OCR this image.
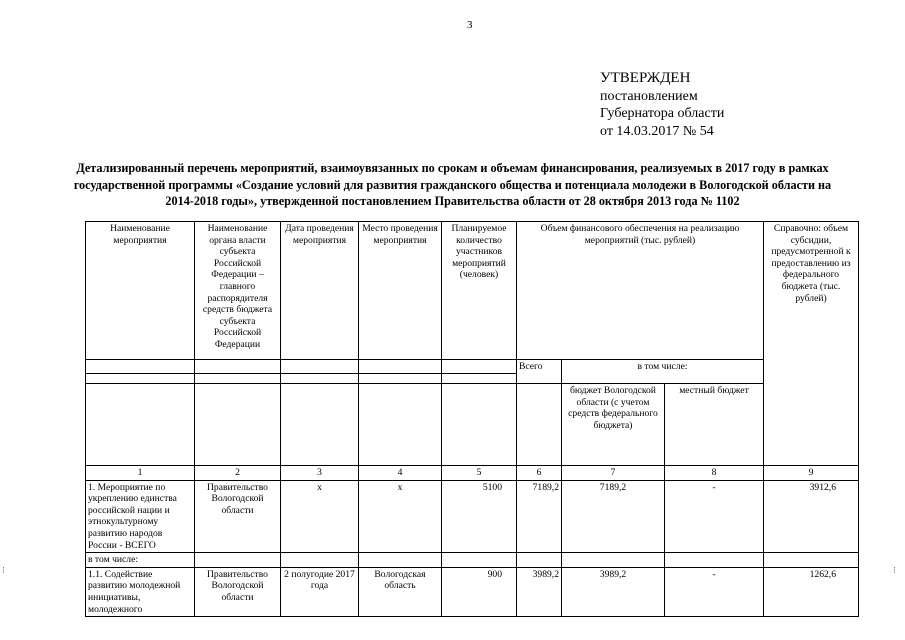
3
УТВЕРЖДЕН
постановлением
Губернатора области
от 14.03.2017 № 54
Детализированный перечень мероприятий, взаимоувязанных по срокам и объемам финансирования, реализуемых в 2017 году в рамках
государственной программы «Создание условий для развития гражданского общества и потенциала молодежи в Вологодской области на
2014-2018 годы», утвержденной постановлением Правительства области от 28 октября 2013 года № 1102
⁝	⁝
Наименование мероприятия	Наименование органа власти субъекта Российской Федерации – главного распорядителя средств бюджета субъекта Российской Федерации	Дата проведения мероприятия	Место проведения мероприятия	Планируемое количество участников мероприятий (человек)	Объем финансового обеспечения на реализацию мероприятий (тыс. рублей)			Справочно: объем субсидии, предусмотренной к предоставлению из федерального бюджета (тыс. рублей)
					Всего	в том числе:		

						бюджет Вологодской области (с учетом средств федерального бюджета)	местный бюджет	
1	2	3	4	5	6	7	8	9
1. Мероприятие по укреплению единства российской нации и этнокультурному развитию народов России - ВСЕГО	Правительство Вологодской области	х	х	5100	7189,2	7189,2	-	3912,6
в том числе:								
1.1. Содействие развитию молодежной инициативы, молодежного	Правительство Вологодской области	2 полугодие 2017 года	Вологодская область	900	3989,2	3989,2	-	1262,6
